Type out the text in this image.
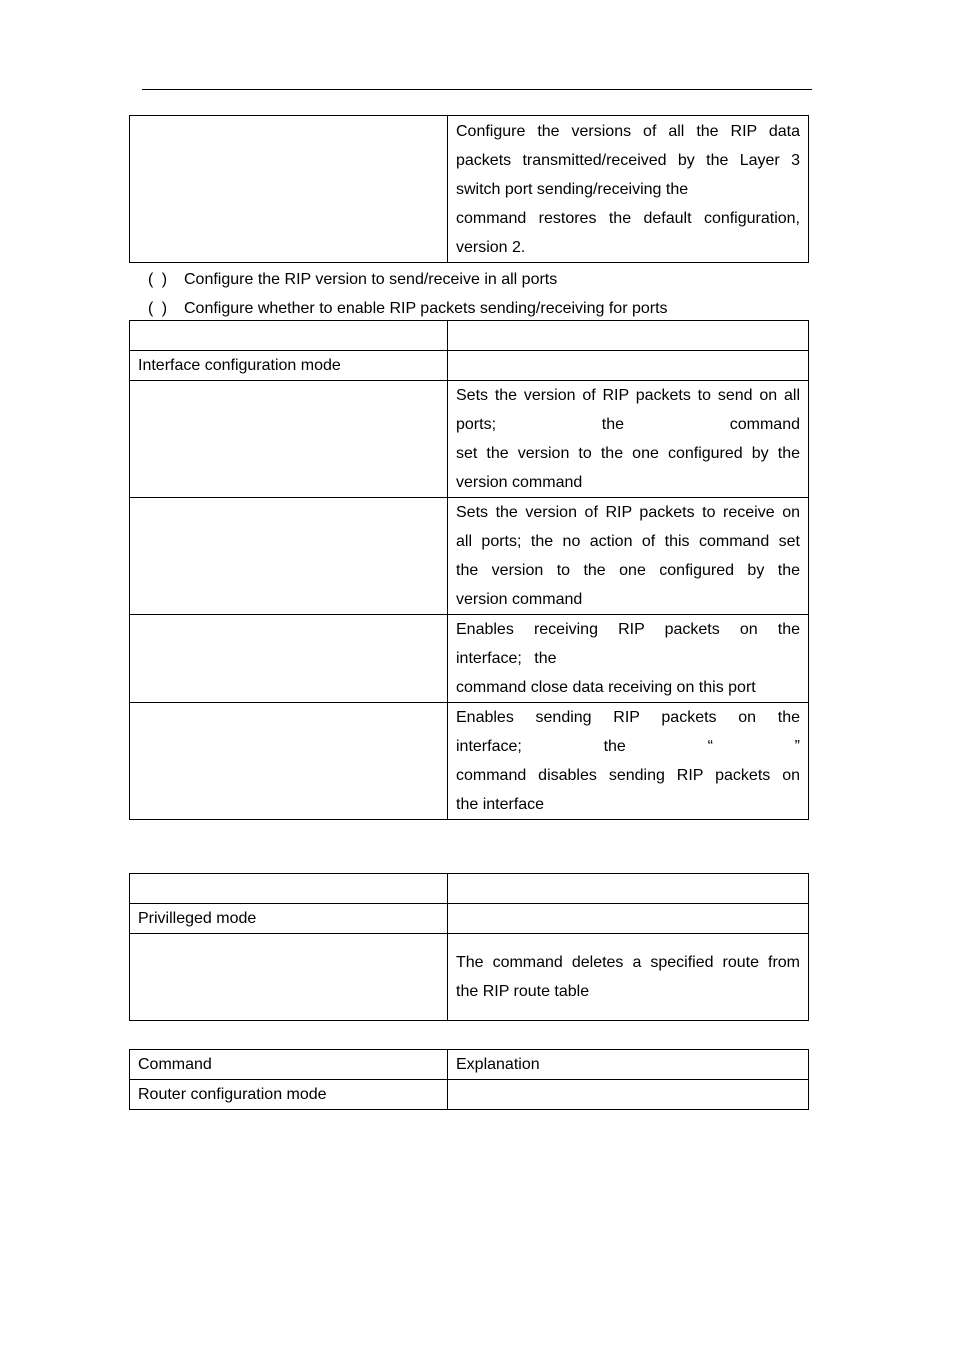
Configure the versions of all the RIP data
packets transmitted/received by the Layer 3
switch port sending/receiving the
command restores the default configuration,
version 2.
( ) Configure the RIP version to send/receive in all ports
( ) Configure whether to enable RIP packets sending/receiving for ports

Interface configuration mode	

	Sets the version of RIP packets to send on all
ports; the command
set the version to the one configured by the
version command

	Sets the version of RIP packets to receive on
all ports; the no action of this command set
the version to the one configured by the
version command

	Enables receiving RIP packets on the
interface; the
command close data receiving on this port

	Enables sending RIP packets on the
interface; the “ ”
command disables sending RIP packets on
the interface

Privilleged mode	

	The command deletes a specified route from
the RIP route table
Command	Explanation
Router configuration mode	
